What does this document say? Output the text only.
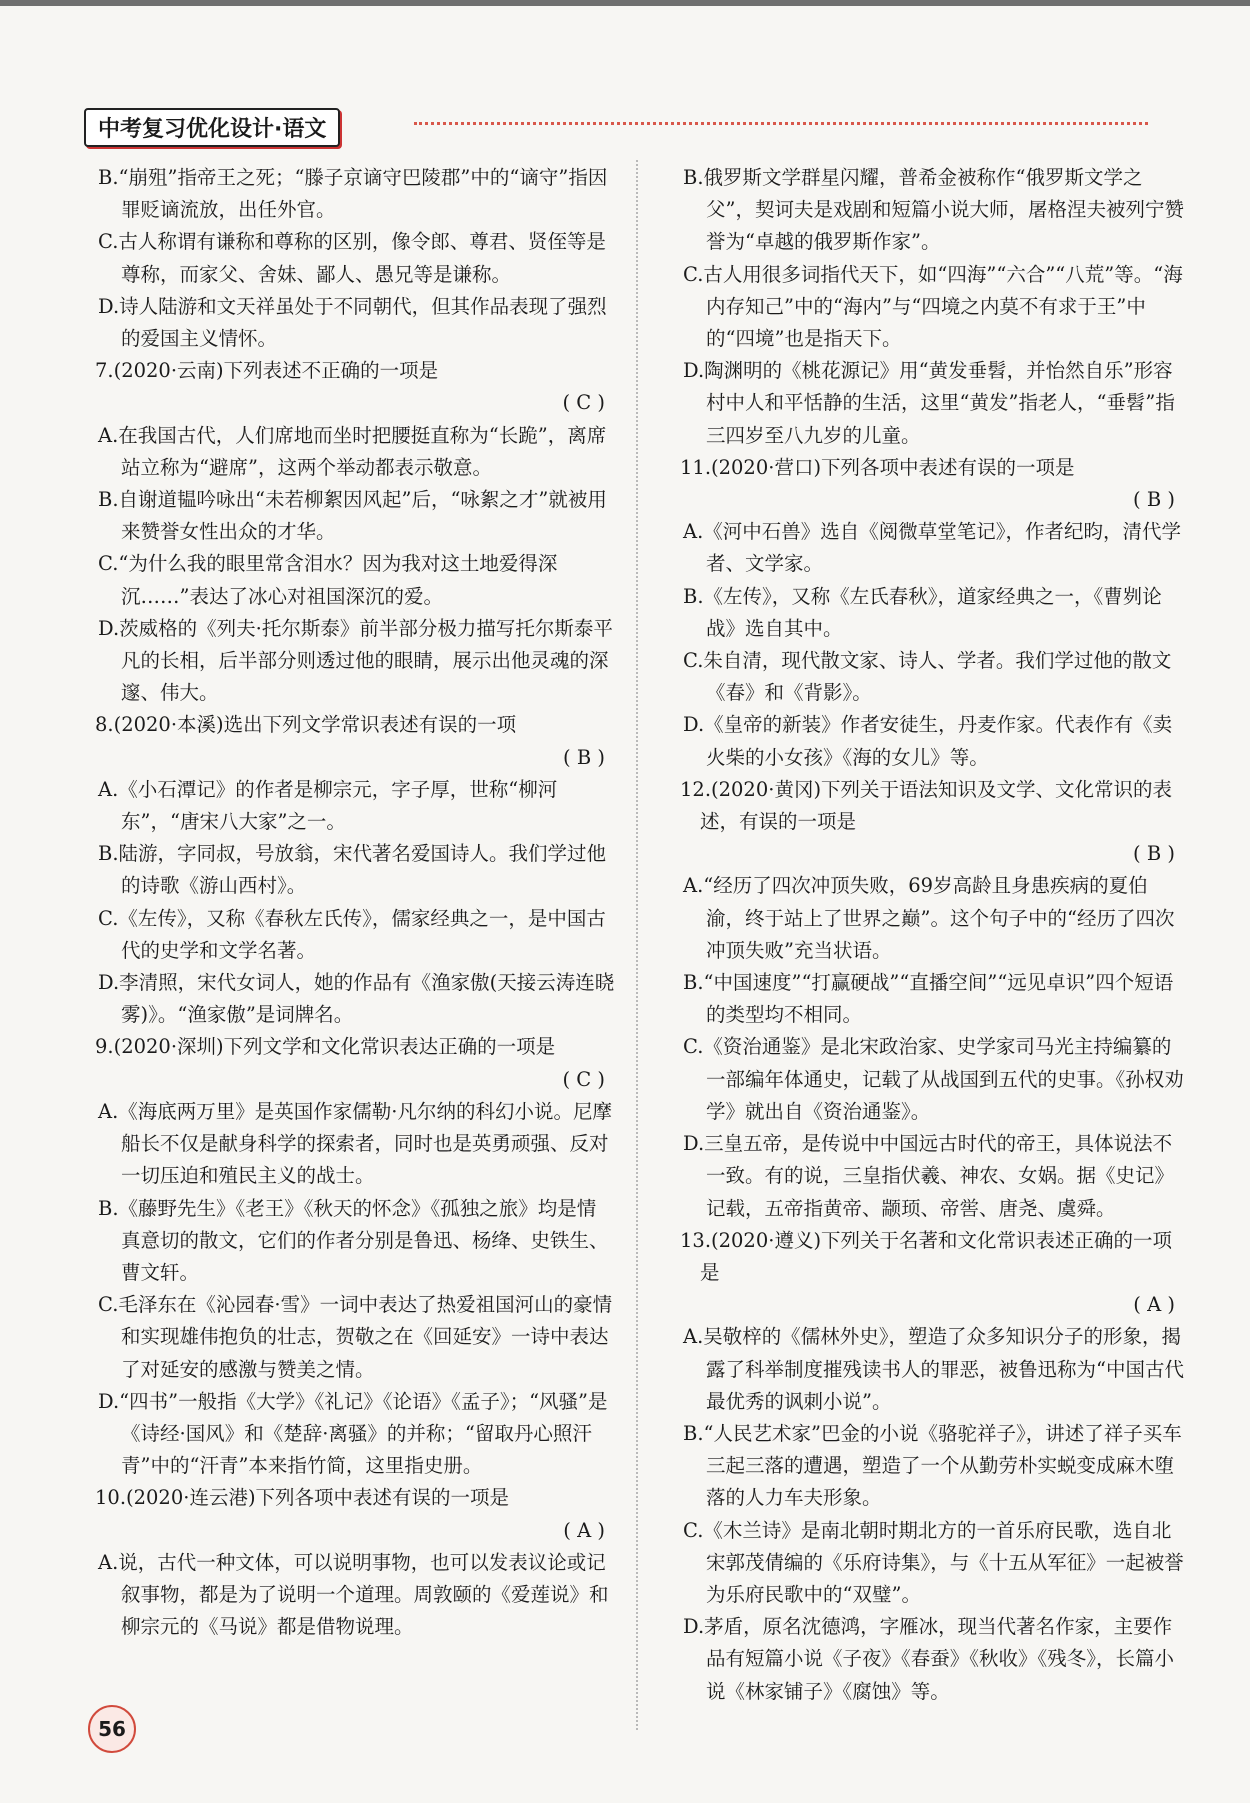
中考复习优化设计·语文

B.“崩殂”指帝王之死；“滕子京谪守巴陵郡”中的“谪守”指因罪贬谪流放，出任外官。

C.古人称谓有谦称和尊称的区别，像令郎、尊君、贤侄等是尊称，而家父、舍妹、鄙人、愚兄等是谦称。

D.诗人陆游和文天祥虽处于不同朝代，但其作品表现了强烈的爱国主义情怀。

7.(2020·云南)下列表述不正确的一项是
( C )

A.在我国古代，人们席地而坐时把腰挺直称为“长跪”，离席站立称为“避席”，这两个举动都表示敬意。

B.自谢道韫吟咏出“未若柳絮因风起”后，“咏絮之才”就被用来赞誉女性出众的才华。

C.“为什么我的眼里常含泪水？因为我对这土地爱得深沉……”表达了冰心对祖国深沉的爱。

D.茨威格的《列夫·托尔斯泰》前半部分极力描写托尔斯泰平凡的长相，后半部分则透过他的眼睛，展示出他灵魂的深邃、伟大。

8.(2020·本溪)选出下列文学常识表述有误的一项
( B )

A.《小石潭记》的作者是柳宗元，字子厚，世称“柳河东”，“唐宋八大家”之一。

B.陆游，字同叔，号放翁，宋代著名爱国诗人。我们学过他的诗歌《游山西村》。

C.《左传》，又称《春秋左氏传》，儒家经典之一，是中国古代的史学和文学名著。

D.李清照，宋代女词人，她的作品有《渔家傲(天接云涛连晓雾)》。“渔家傲”是词牌名。

9.(2020·深圳)下列文学和文化常识表达正确的一项是
( C )

A.《海底两万里》是英国作家儒勒·凡尔纳的科幻小说。尼摩船长不仅是献身科学的探索者，同时也是英勇顽强、反对一切压迫和殖民主义的战士。

B.《藤野先生》《老王》《秋天的怀念》《孤独之旅》均是情真意切的散文，它们的作者分别是鲁迅、杨绛、史铁生、曹文轩。

C.毛泽东在《沁园春·雪》一词中表达了热爱祖国河山的豪情和实现雄伟抱负的壮志，贺敬之在《回延安》一诗中表达了对延安的感激与赞美之情。

D.“四书”一般指《大学》《礼记》《论语》《孟子》；“风骚”是《诗经·国风》和《楚辞·离骚》的并称；“留取丹心照汗青”中的“汗青”本来指竹简，这里指史册。

10.(2020·连云港)下列各项中表述有误的一项是
( A )

A.说，古代一种文体，可以说明事物，也可以发表议论或记叙事物，都是为了说明一个道理。周敦颐的《爱莲说》和柳宗元的《马说》都是借物说理。

B.俄罗斯文学群星闪耀，普希金被称作“俄罗斯文学之父”，契诃夫是戏剧和短篇小说大师，屠格涅夫被列宁赞誉为“卓越的俄罗斯作家”。

C.古人用很多词指代天下，如“四海”“六合”“八荒”等。“海内存知己”中的“海内”与“四境之内莫不有求于王”中的“四境”也是指天下。

D.陶渊明的《桃花源记》用“黄发垂髫，并怡然自乐”形容村中人和平恬静的生活，这里“黄发”指老人，“垂髫”指三四岁至八九岁的儿童。

11.(2020·营口)下列各项中表述有误的一项是
( B )

A.《河中石兽》选自《阅微草堂笔记》，作者纪昀，清代学者、文学家。

B.《左传》，又称《左氏春秋》，道家经典之一，《曹刿论战》选自其中。

C.朱自清，现代散文家、诗人、学者。我们学过他的散文《春》和《背影》。

D.《皇帝的新装》作者安徒生，丹麦作家。代表作有《卖火柴的小女孩》《海的女儿》等。

12.(2020·黄冈)下列关于语法知识及文学、文化常识的表述，有误的一项是
( B )

A.“经历了四次冲顶失败，69岁高龄且身患疾病的夏伯渝，终于站上了世界之巅”。这个句子中的“经历了四次冲顶失败”充当状语。

B.“中国速度”“打赢硬战”“直播空间”“远见卓识”四个短语的类型均不相同。

C.《资治通鉴》是北宋政治家、史学家司马光主持编纂的一部编年体通史，记载了从战国到五代的史事。《孙权劝学》就出自《资治通鉴》。

D.三皇五帝，是传说中中国远古时代的帝王，具体说法不一致。有的说，三皇指伏羲、神农、女娲。据《史记》记载，五帝指黄帝、颛顼、帝喾、唐尧、虞舜。

13.(2020·遵义)下列关于名著和文化常识表述正确的一项是
( A )

A.吴敬梓的《儒林外史》，塑造了众多知识分子的形象，揭露了科举制度摧残读书人的罪恶，被鲁迅称为“中国古代最优秀的讽刺小说”。

B.“人民艺术家”巴金的小说《骆驼祥子》，讲述了祥子买车三起三落的遭遇，塑造了一个从勤劳朴实蜕变成麻木堕落的人力车夫形象。

C.《木兰诗》是南北朝时期北方的一首乐府民歌，选自北宋郭茂倩编的《乐府诗集》，与《十五从军征》一起被誉为乐府民歌中的“双璧”。

D.茅盾，原名沈德鸿，字雁冰，现当代著名作家，主要作品有短篇小说《子夜》《春蚕》《秋收》《残冬》，长篇小说《林家铺子》《腐蚀》等。

56
